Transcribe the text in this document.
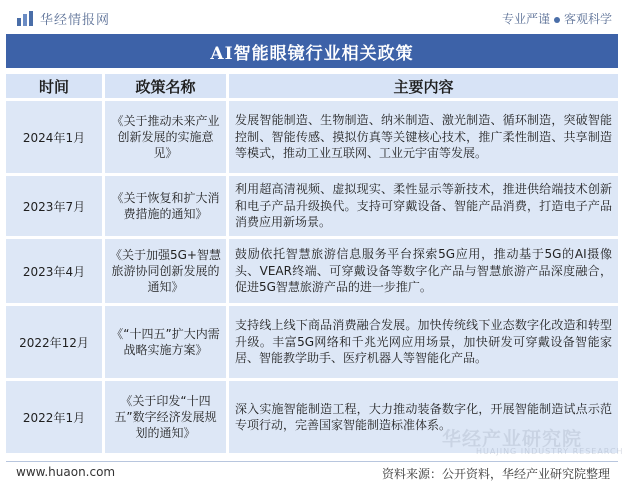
华经情报网	专业严谨 客观科学
AI智能眼镜行业相关政策
时间	政策名称	主要内容
2024年1月	《关于推动未来产业创新发展的实施意见》	发展智能制造、生物制造、纳米制造、激光制造、循环制造，突破智能控制、智能传感、摸拟仿真等关键核心技术，推广柔性制造、共享制造等模式，推动工业互联网、工业元宇宙等发展。
2023年7月	《关于恢复和扩大消费措施的通知》	利用超高清视频、虚拟现实、柔性显示等新技术，推进供给端技术创新和电子产品升级换代。支持可穿戴设备、智能产品消费，打造电子产品消费应用新场景。
2023年4月	《关于加强5G+智慧旅游协同创新发展的通知》	鼓励依托智慧旅游信息服务平台探索5G应用，推动基于5G的AI摄像头、VEAR终端、可穿戴设备等数字化产品与智慧旅游产品深度融合，促进5G智慧旅游产品的进一步推广。
2022年12月	《“十四五”扩大内需战略实施方案》	支持线上线下商品消费融合发展。加快传统线下业态数字化改造和转型升级。丰富5G网络和千兆光网应用场景，加快研发可穿戴设备智能家居、智能教学助手、医疗机器人等智能化产品。
2022年1月	《关于印发“十四五”数字经济发展规划的通知》	深入实施智能制造工程，大力推动装备数字化，开展智能制造试点示范专项行动，完善国家智能制造标准体系。
华经产业研究院
HUAJING INDUSTRY RESEARCH
www.huaon.com	资料来源：公开资料，华经产业研究院整理
